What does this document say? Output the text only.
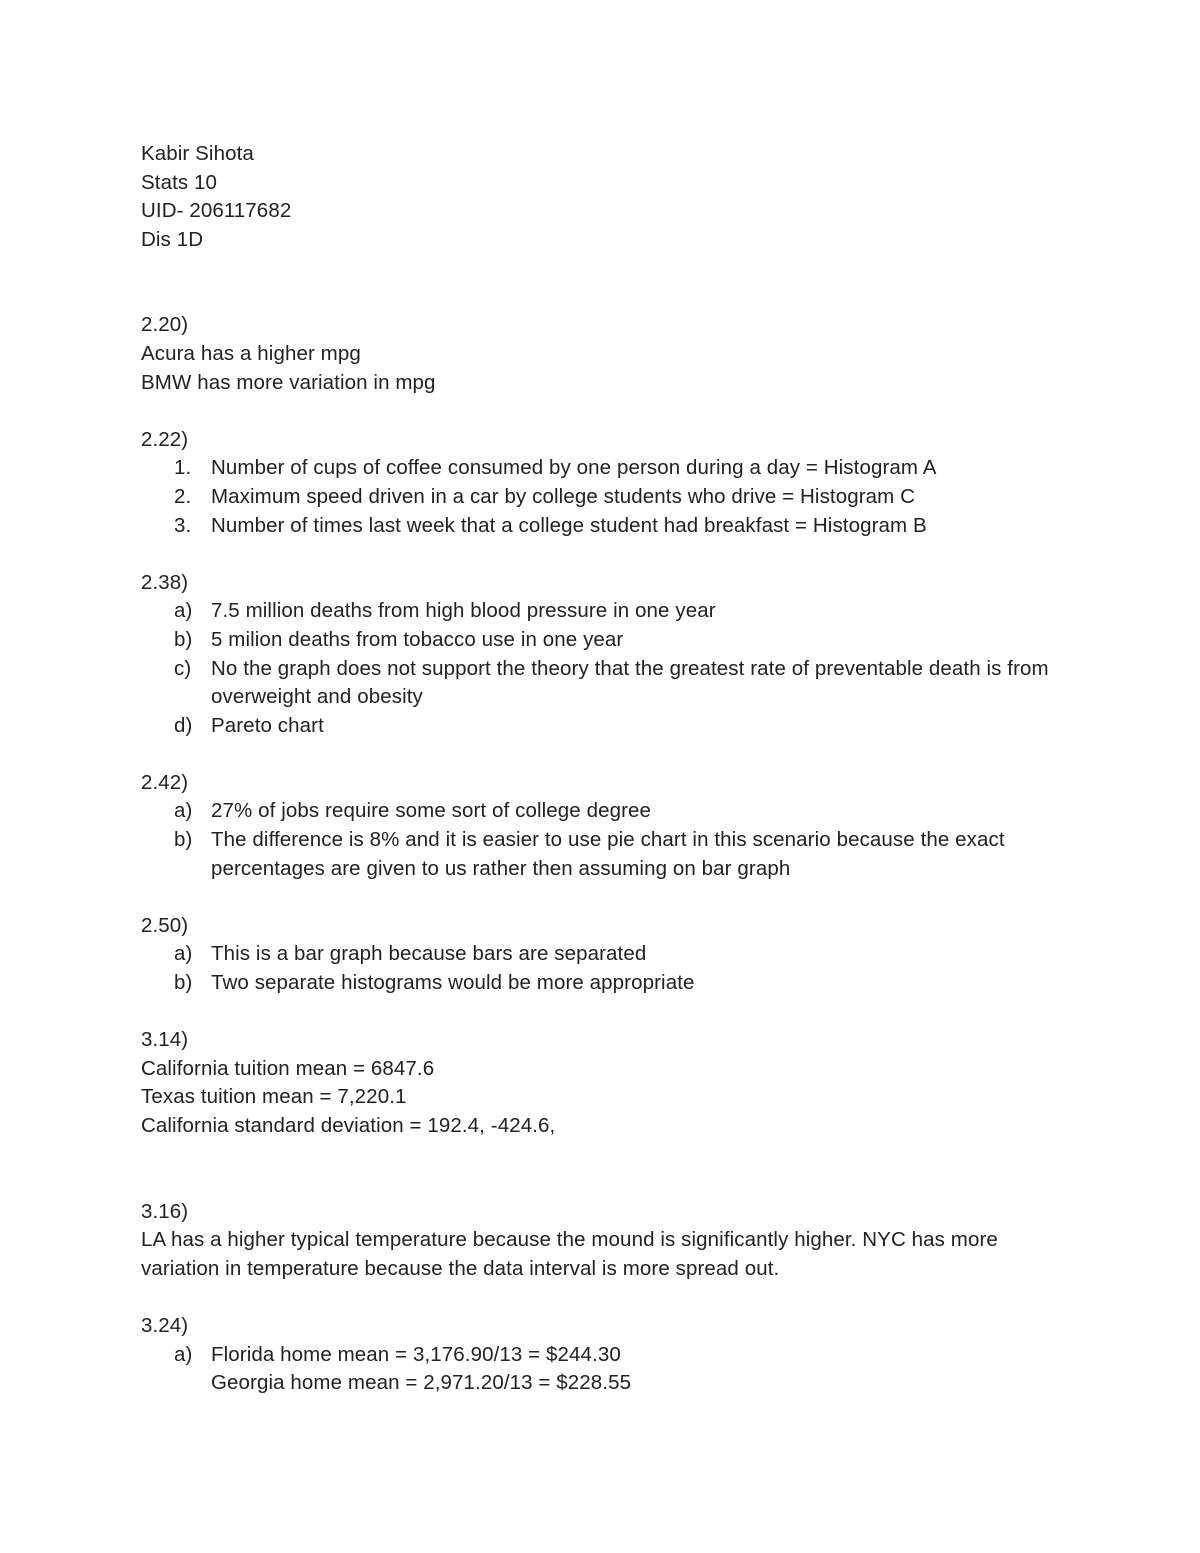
Kabir Sihota
Stats 10
UID- 206117682
Dis 1D
2.20)
Acura has a higher mpg
BMW has more variation in mpg
2.22)
1. Number of cups of coffee consumed by one person during a day = Histogram A
2. Maximum speed driven in a car by college students who drive = Histogram C
3. Number of times last week that a college student had breakfast = Histogram B
2.38)
a) 7.5 million deaths from high blood pressure in one year
b) 5 milion deaths from tobacco use in one year
c) No the graph does not support the theory that the greatest rate of preventable death is from overweight and obesity
d) Pareto chart
2.42)
a) 27% of jobs require some sort of college degree
b) The difference is 8% and it is easier to use pie chart in this scenario because the exact percentages are given to us rather then assuming on bar graph
2.50)
a) This is a bar graph because bars are separated
b) Two separate histograms would be more appropriate
3.14)
California tuition mean = 6847.6
Texas tuition mean = 7,220.1
California standard deviation = 192.4, -424.6,
3.16)
LA has a higher typical temperature because the mound is significantly higher. NYC has more variation in temperature because the data interval is more spread out.
3.24)
a) Florida home mean = 3,176.90/13 = $244.30
Georgia home mean = 2,971.20/13 = $228.55
